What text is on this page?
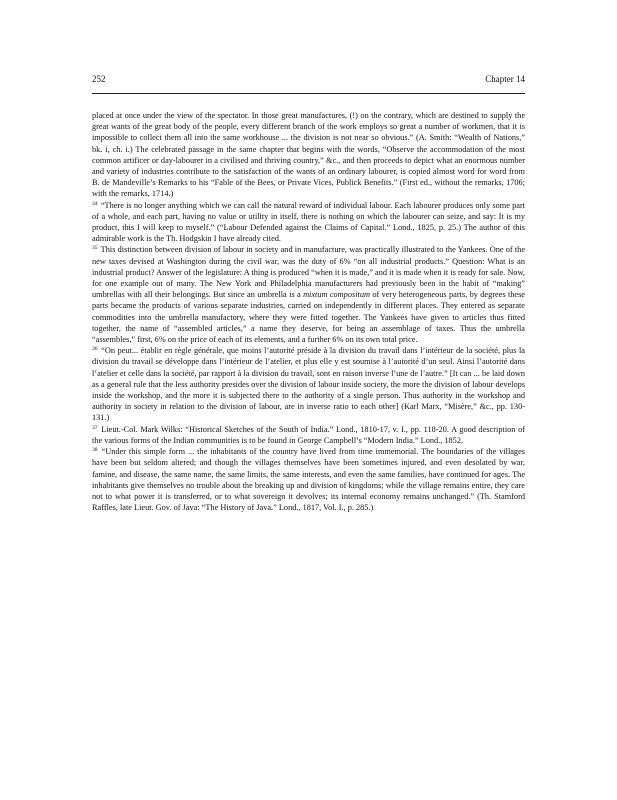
252	Chapter 14

placed at once under the view of the spectator. In those great manufactures, (!) on the contrary, which are destined to supply the great wants of the great body of the people, every different branch of the work employs so great a number of workmen, that it is impossible to collect them all into the same workhouse ... the division is not near so obvious.” (A. Smith: “Wealth of Nations,” bk. i, ch. i.) The celebrated passage in the same chapter that begins with the words, “Observe the accommodation of the most common artificer or day-labourer in a civilised and thriving country,” &c., and then proceeds to depict what an enormous number and variety of industries contribute to the satisfaction of the wants of an ordinary labourer, is copied almost word for word from B. de Mandeville’s Remarks to his “Fable of the Bees, or Private Vices, Publick Benefits.” (First ed., without the remarks, 1706; with the remarks, 1714.)

$^{34}$ “There is no longer anything which we can call the natural reward of individual labour. Each labourer produces only some part of a whole, and each part, having no value or utility in itself, there is nothing on which the labourer can seize, and say: It is my product, this I will keep to myself.” (“Labour Defended against the Claims of Capital.” Lond., 1825, p. 25.) The author of this admirable work is the Th. Hodgskin I have already cited.

$^{35}$ This distinction between division of labour in society and in manufacture, was practically illustrated to the Yankees. One of the new taxes devised at Washington during the civil war, was the duty of 6% “on all industrial products.” Question: What is an industrial product? Answer of the legislature: A thing is produced “when it is made,” and it is made when it is ready for sale. Now, for one example out of many. The New York and Philadelphia manufacturers had previously been in the habit of “making” umbrellas with all their belongings. But since an umbrella is a mixtum compositum of very heterogeneous parts, by degrees these parts became the products of various separate industries, carried on independently in different places. They entered as separate commodities into the umbrella manufactory, where they were fitted together. The Yankees have given to articles thus fitted together, the name of “assembled articles,” a name they deserve, for being an assemblage of taxes. Thus the umbrella “assembles,” first, 6% on the price of each of its elements, and a further 6% on its own total price.

$^{36}$ “On peut... établir en règle générale, que moins l’autorité préside à la division du travail dans l’intérieur de la société, plus la division du travail se développe dans l’intérieur de l’atelier, et plus elle y est soumise à l’autorité d’un seul. Ainsi l’autorité dans l’atelier et celle dans la société, par rapport à la division du travail, sont en raison inverse l’une de l’autre.” [It can ... be laid down as a general rule that the less authority presides over the division of labour inside society, the more the division of labour develops inside the workshop, and the more it is subjected there to the authority of a single person. Thus authority in the workshop and authority in society in relation to the division of labour, are in inverse ratio to each other] (Karl Marx, “Misère,” &c., pp. 130-131.)

$^{37}$ Lieut.-Col. Mark Wilks: “Historical Sketches of the South of India.” Lond., 1810-17, v. I., pp. 118-20. A good description of the various forms of the Indian communities is to be found in George Campbell’s “Modern India.” Lond., 1852.

$^{38}$ “Under this simple form ... the inhabitants of the country have lived from time immemorial. The boundaries of the villages have been but seldom altered; and though the villages themselves have been sometimes injured, and even desolated by war, famine, and disease, the same name, the same limits, the same interests, and even the same families, have continued for ages. The inhabitants give themselves no trouble about the breaking up and division of kingdoms; while the village remains entire, they care not to what power it is transferred, or to what sovereign it devolves; its internal economy remains unchanged.” (Th. Stamford Raffles, late Lieut. Gov. of Java: “The History of Java.” Lond., 1817, Vol. I., p. 285.)
